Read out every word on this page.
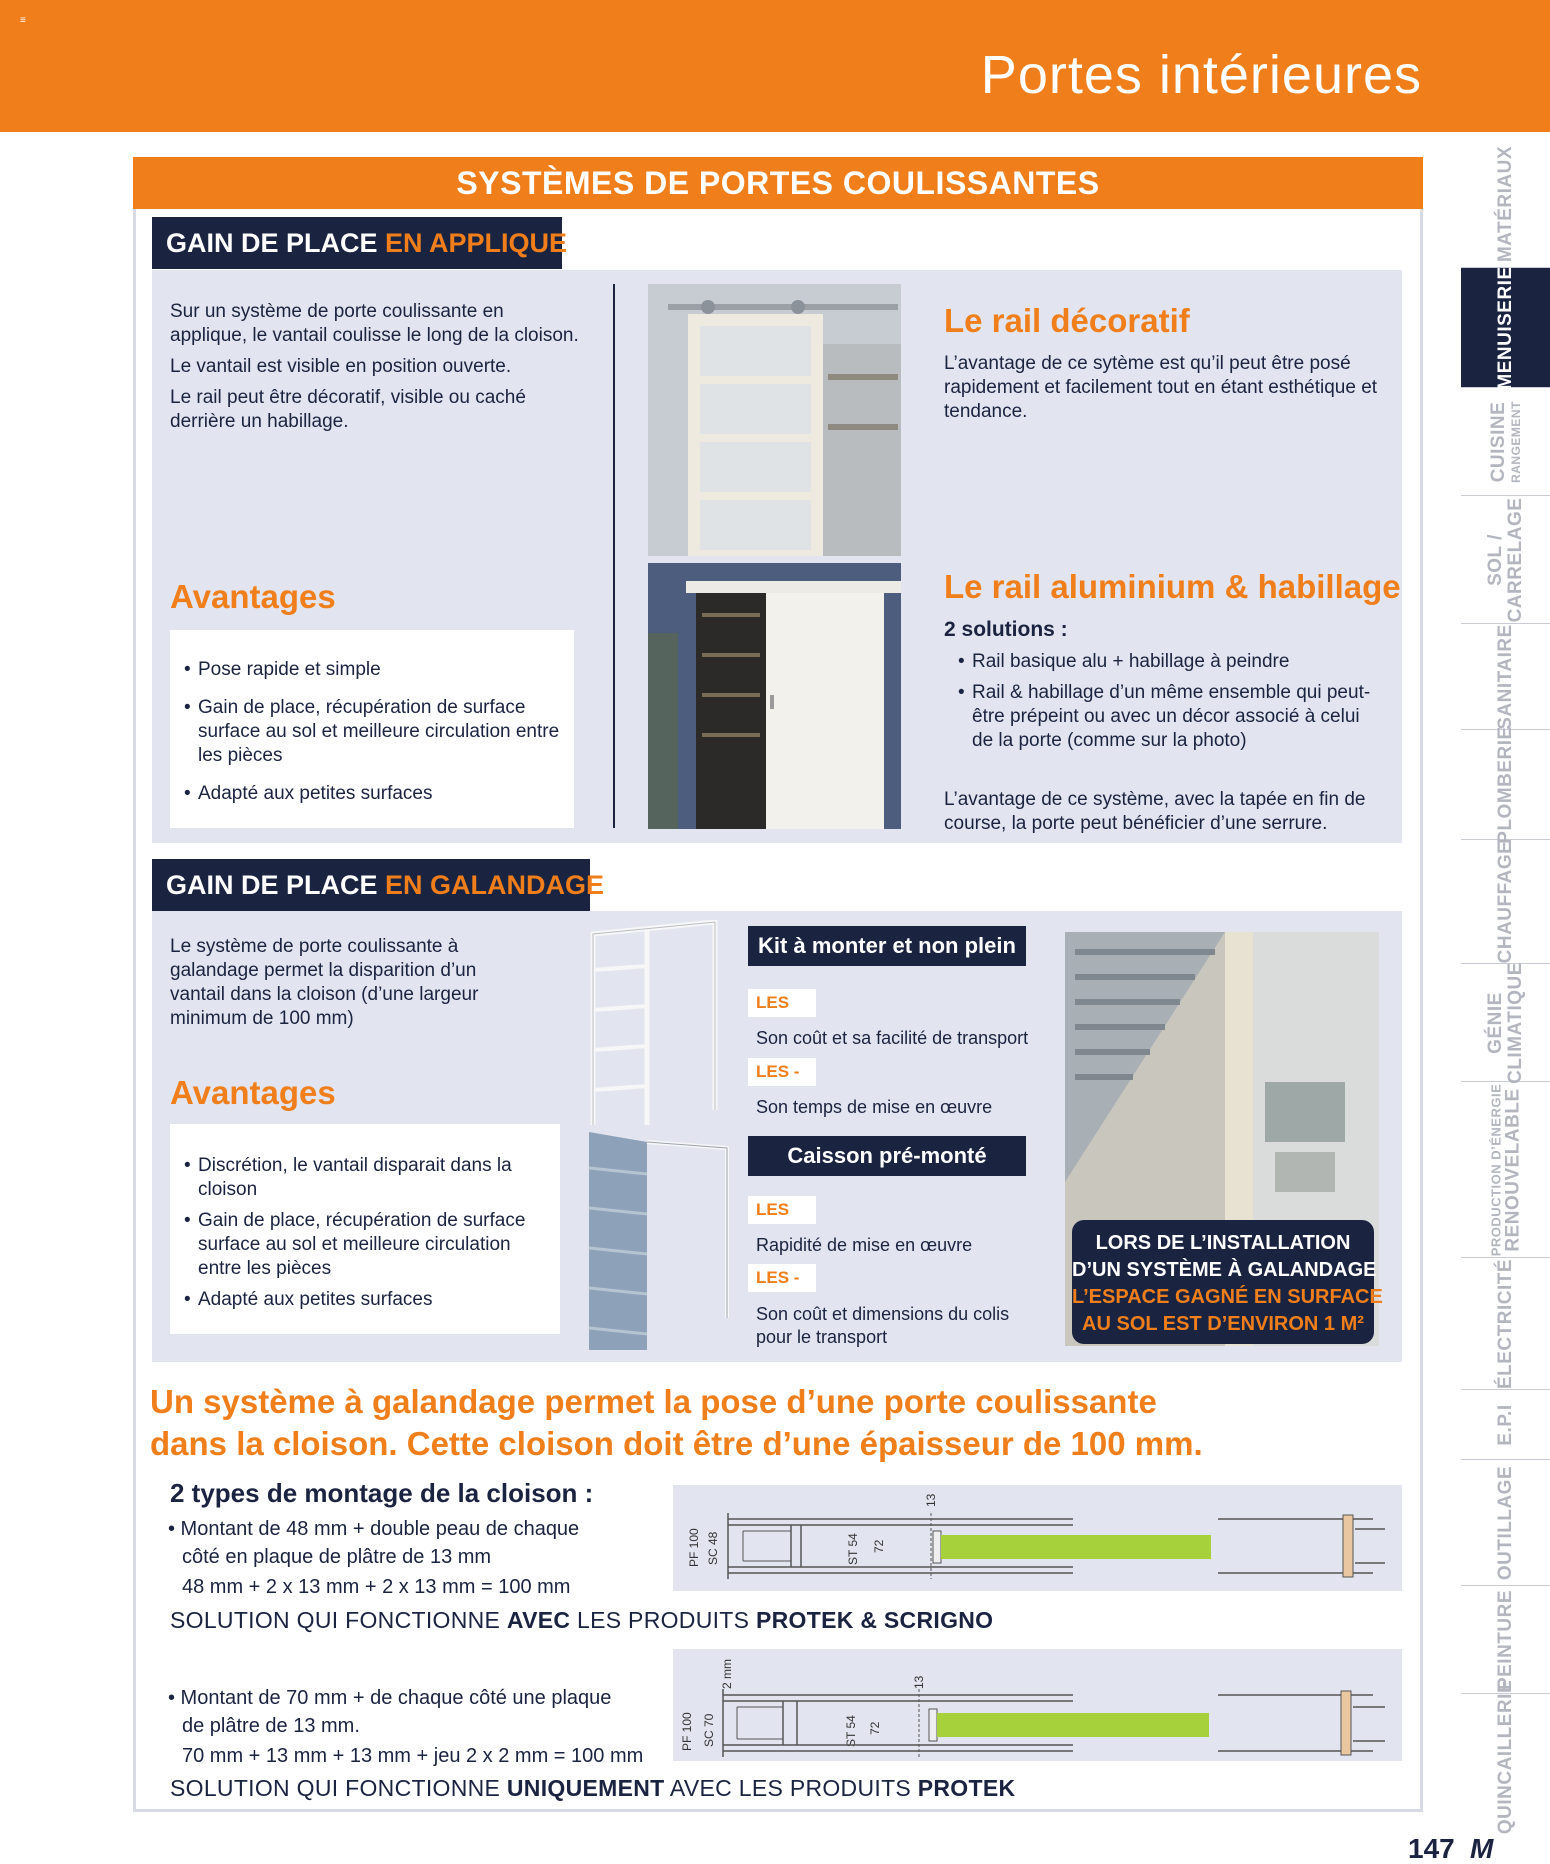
≡
Portes intérieures
SYSTÈMES DE PORTES COULISSANTES
GAIN DE PLACE EN APPLIQUE

Sur un système de porte coulissante en applique, le vantail coulisse le long de la cloison.

Le vantail est visible en position ouverte.

Le rail peut être décoratif, visible ou caché derrière un habillage.

Avantages
• Pose rapide et simple
• Gain de place, récupération de surface surface au sol et meilleure circulation entre les pièces
• Adapté aux petites surfaces
Le rail décoratif
L’avantage de ce sytème est qu’il peut être posé rapidement et facilement tout en étant esthétique et tendance.
Le rail aluminium & habillage
2 solutions :
• Rail basique alu + habillage à peindre
• Rail & habillage d’un même ensemble qui peut-être prépeint ou avec un décor associé à celui de la porte (comme sur la photo)
L’avantage de ce système, avec la tapée en fin de course, la porte peut bénéficier d’une serrure.
GAIN DE PLACE EN GALANDAGE
Le système de porte coulissante à galandage permet la disparition d’un vantail dans la cloison (d’une largeur minimum de 100 mm)
Avantages
• Discrétion, le vantail disparait dans la cloison
• Gain de place, récupération de surface surface au sol et meilleure circulation entre les pièces
• Adapté aux petites surfaces
Kit à monter et non plein
LES
Son coût et sa facilité de transport
LES -
Son temps de mise en œuvre
Caisson pré-monté
LES
Rapidité de mise en œuvre
LES -
Son coût et dimensions du colis pour le transport
LORS DE L’INSTALLATION
D’UN SYSTÈME À GALANDAGE
L’ESPACE GAGNÉ EN SURFACE
AU SOL EST D’ENVIRON 1 M²
Un système à galandage permet la pose d’une porte coulissante
dans la cloison. Cette cloison doit être d’une épaisseur de 100 mm.
2 types de montage de la cloison :
• Montant de 48 mm + double peau de chaque
côté en plaque de plâtre de 13 mm
48 mm + 2 x 13 mm + 2 x 13 mm = 100 mm
PF 100 SC 48	ST 54 72
13
SOLUTION QUI FONCTIONNE AVEC LES PRODUITS PROTEK & SCRIGNO
• Montant de 70 mm + de chaque côté une plaque
de plâtre de 13 mm.
70 mm + 13 mm + 13 mm + jeu 2 x 2 mm = 100 mm
PF 100 SC 70
2 mm
ST 54 72
13
SOLUTION QUI FONCTIONNE UNIQUEMENT AVEC LES PRODUITS PROTEK
MATÉRIAUX
MENUISERIE
CUISINE RANGEMENT
SOL / CARRELAGE
SANITAIRE
PLOMBERIE
CHAUFFAGE
GÉNIE CLIMATIQUE
PRODUCTION D’ÉNERGIE RENOUVELABLE
ÉLECTRICITÉ
E.P.I
OUTILLAGE
PEINTURE
QUINCAILLERIE
147 M
